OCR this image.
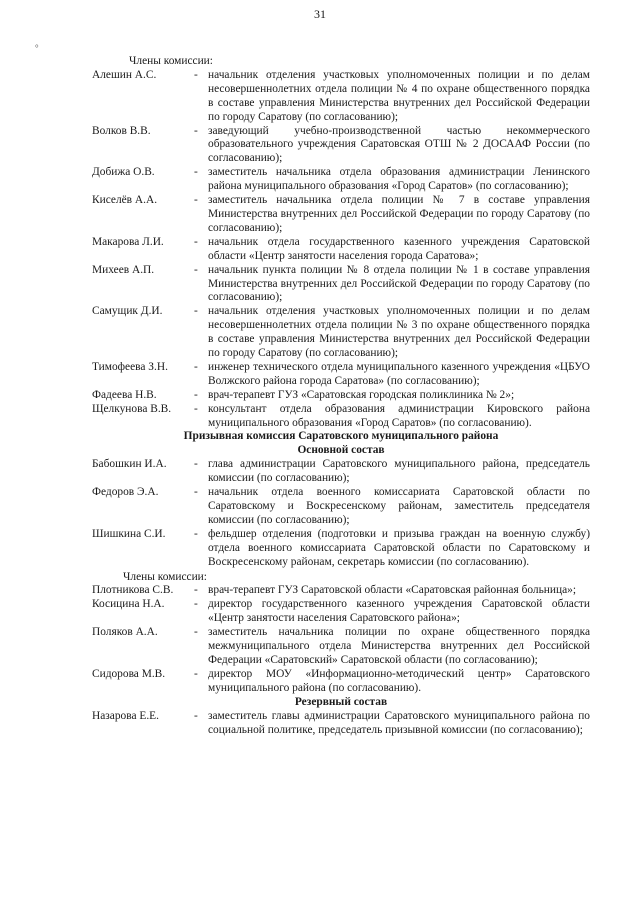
31
°
Члены комиссии:
Алешин А.С.	- начальник отделения участковых уполномоченных полиции и по делам несовершеннолетних отдела полиции № 4 по охране общественного порядка в составе управления Министерства внутренних дел Российской Федерации по городу Саратову (по согласованию);
Волков В.В.	- заведующий учебно-производственной частью некоммерческого образовательного учреждения Саратовская ОТШ № 2 ДОСААФ России (по согласованию);
Добижа О.В.	- заместитель начальника отдела образования администрации Ленинского района муниципального образования «Город Саратов» (по согласованию);
Киселёв А.А.	- заместитель начальника отдела полиции № 7 в составе управления Министерства внутренних дел Российской Федерации по городу Саратову (по согласованию);
Макарова Л.И.	- начальник отдела государственного казенного учреждения Саратовской области «Центр занятости населения города Саратова»;
Михеев А.П.	- начальник пункта полиции № 8 отдела полиции № 1 в составе управления Министерства внутренних дел Российской Федерации по городу Саратову (по согласованию);
Самущик Д.И.	- начальник отделения участковых уполномоченных полиции и по делам несовершеннолетних отдела полиции № 3 по охране общественного порядка в составе управления Министерства внутренних дел Российской Федерации по городу Саратову (по согласованию);
Тимофеева З.Н.	- инженер технического отдела муниципального казенного учреждения «ЦБУО Волжского района города Саратова» (по согласованию);
Фадеева Н.В.	- врач-терапевт ГУЗ «Саратовская городская поликлиника № 2»;
Щелкунова В.В.	- консультант отдела образования администрации Кировского района муниципального образования «Город Саратов» (по согласованию).
Призывная комиссия Саратовского муниципального района
Основной состав
Бабошкин И.А.	- глава администрации Саратовского муниципального района, председатель комиссии (по согласованию);
Федоров Э.А.	- начальник отдела военного комиссариата Саратовской области по Саратовскому и Воскресенскому районам, заместитель председателя комиссии (по согласованию);
Шишкина С.И.	- фельдшер отделения (подготовки и призыва граждан на военную службу) отдела военного комиссариата Саратовской области по Саратовскому и Воскресенскому районам, секретарь комиссии (по согласованию).
Члены комиссии:
Плотникова С.В.	- врач-терапевт ГУЗ Саратовской области «Саратовская районная больница»;
Косицина Н.А.	- директор государственного казенного учреждения Саратовской области «Центр занятости населения Саратовского района»;
Поляков А.А.	- заместитель начальника полиции по охране общественного порядка межмуниципального отдела Министерства внутренних дел Российской Федерации «Саратовский» Саратовской области (по согласованию);
Сидорова М.В.	- директор МОУ «Информационно-методический центр» Саратовского муниципального района (по согласованию).
Резервный состав
Назарова Е.Е.	- заместитель главы администрации Саратовского муниципального района по социальной политике, председатель призывной комиссии (по согласованию);
